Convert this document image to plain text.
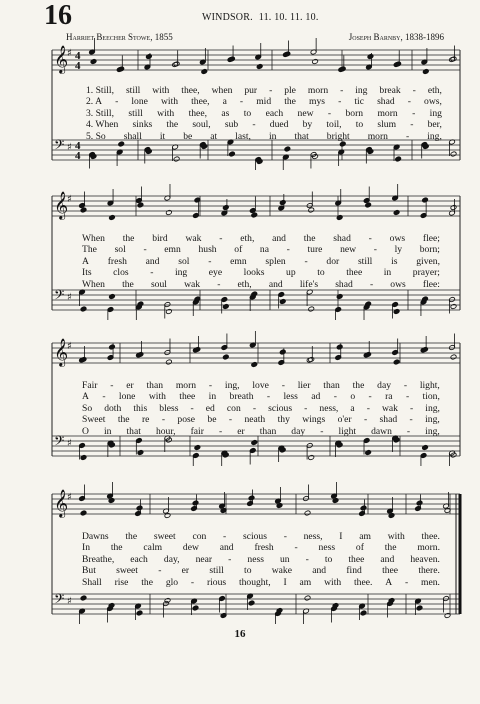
16	WINDSOR. 11. 10. 11. 10.
Harriet Beecher Stowe, 1855	Joseph Barnby, 1838-1896
𝄞
♯ 4
4
𝄢 ♯ 4
4
1. Still, still with thee, when pur - ple morn - ing break - eth,
2. A - lone with thee, a - mid the mys - tic shad - ows,
3. Still, still with thee, as to each new - born morn - ing
4. When sinks the soul, sub - dued by toil, to slum - ber,
5. So shall it be at last, in that bright morn - ing,
𝄞
♯
𝄢 ♯
When the bird wak - eth, and the shad - ows flee;
The sol - emn hush of na - ture new - ly born;
A fresh and sol - emn splen - dor still is given,
Its clos - ing eye looks up to thee in prayer;
When the soul wak - eth, and life's shad - ows flee:
𝄞
♯
𝄢 ♯
Fair - er than morn - ing, love - lier than the day - light,
A - lone with thee in breath - less ad - o - ra - tion,
So doth this bless - ed con - scious - ness, a - wak - ing,
Sweet the re - pose be - neath thy wings o'er - shad - ing,
O in that hour, fair - er than day - light dawn - ing,
𝄞
♯
𝄢 ♯
Dawns the sweet con - scious - ness, I am with thee.
In the calm dew and fresh - ness of the morn.
Breathe, each day, near - ness un - to thee and heaven.
But sweet - er still to wake and find thee there.
Shall rise the glo - rious thought, I am with thee. A - men.
16
